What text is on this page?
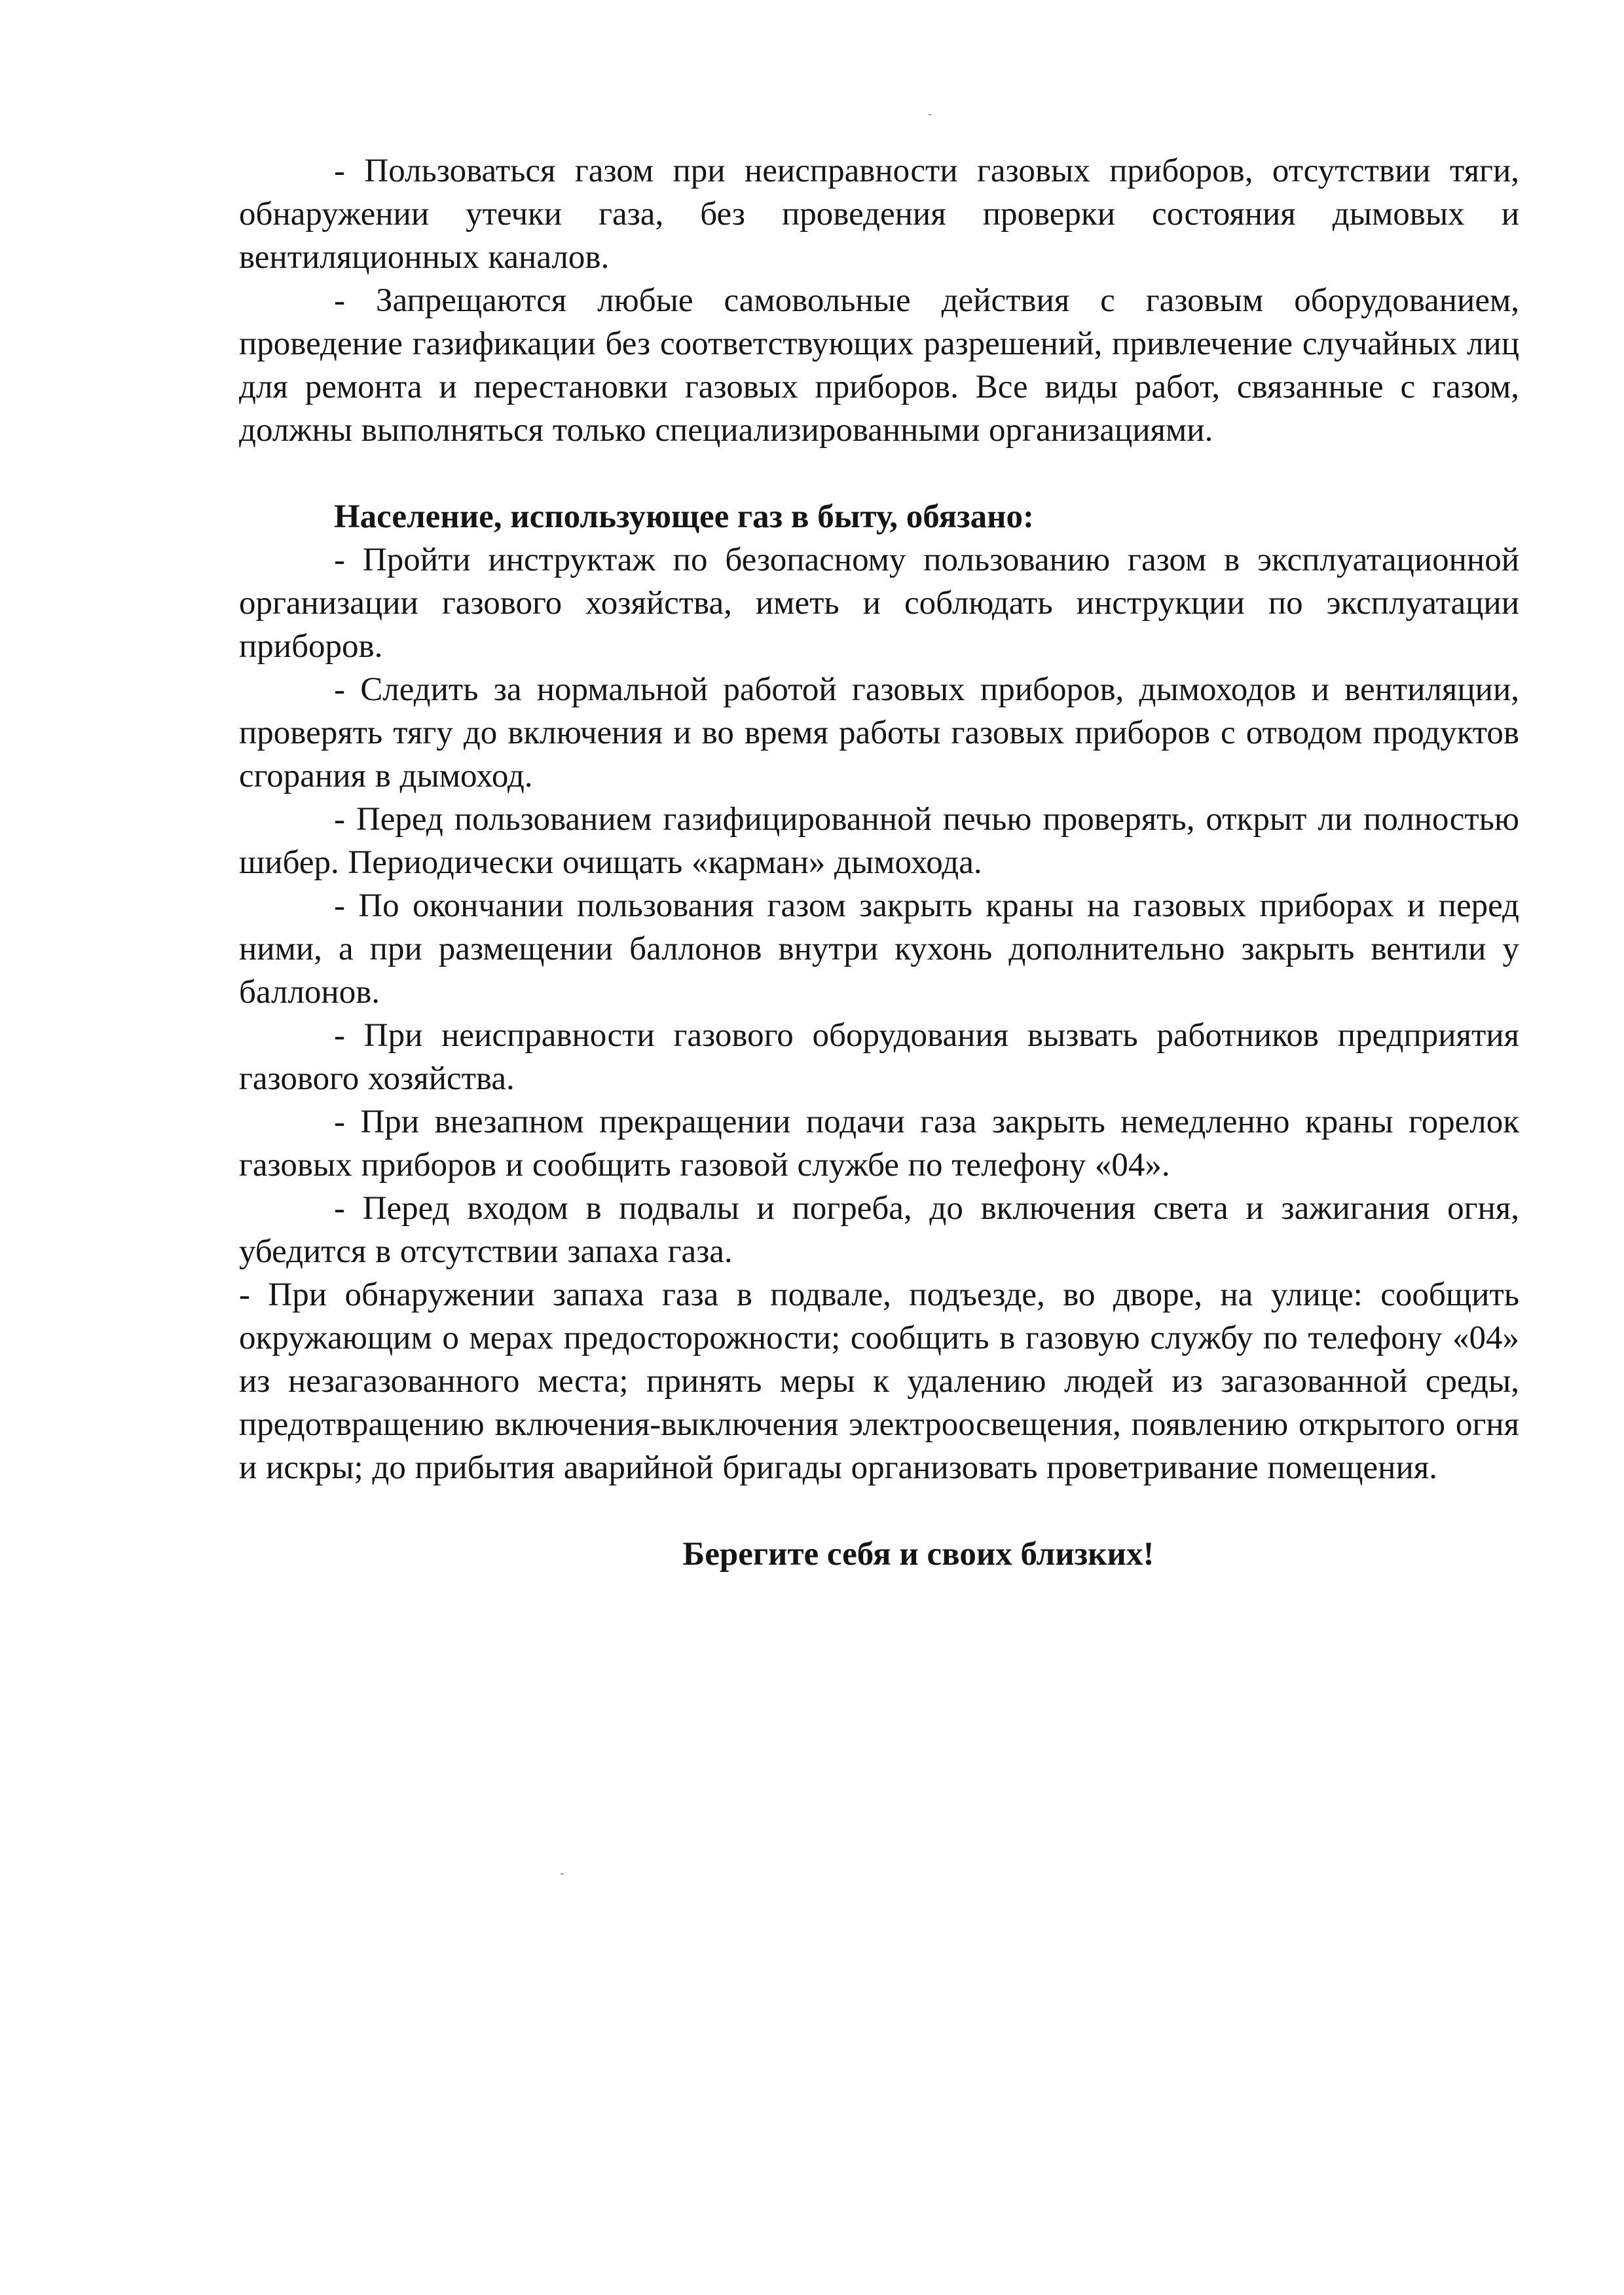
- Пользоваться газом при неисправности газовых приборов, отсутствии тяги, обнаружении утечки газа, без проведения проверки состояния дымовых и вентиляционных каналов.

- Запрещаются любые самовольные действия с газовым оборудованием, проведение газификации без соответствующих разрешений, привлечение случайных лиц для ремонта и перестановки газовых приборов. Все виды работ, связанные с газом, должны выполняться только специализированными организациями.

Население, использующее газ в быту, обязано:

- Пройти инструктаж по безопасному пользованию газом в эксплуатационной организации газового хозяйства, иметь и соблюдать инструкции по эксплуатации приборов.

- Следить за нормальной работой газовых приборов, дымоходов и вентиляции, проверять тягу до включения и во время работы газовых приборов с отводом продуктов сгорания в дымоход.

- Перед пользованием газифицированной печью проверять, открыт ли полностью шибер. Периодически очищать «карман» дымохода.

- По окончании пользования газом закрыть краны на газовых приборах и перед ними, а при размещении баллонов внутри кухонь дополнительно закрыть вентили у баллонов.

- При неисправности газового оборудования вызвать работников предприятия газового хозяйства.

- При внезапном прекращении подачи газа закрыть немедленно краны горелок газовых приборов и сообщить газовой службе по телефону «04».

- Перед входом в подвалы и погреба, до включения света и зажигания огня, убедится в отсутствии запаха газа.

- При обнаружении запаха газа в подвале, подъезде, во дворе, на улице: сообщить окружающим о мерах предосторожности; сообщить в газовую службу по телефону «04» из незагазованного места; принять меры к удалению людей из загазованной среды, предотвращению включения-выключения электроосвещения, появлению открытого огня и искры; до прибытия аварийной бригады организовать проветривание помещения.

Берегите себя и своих близких!
